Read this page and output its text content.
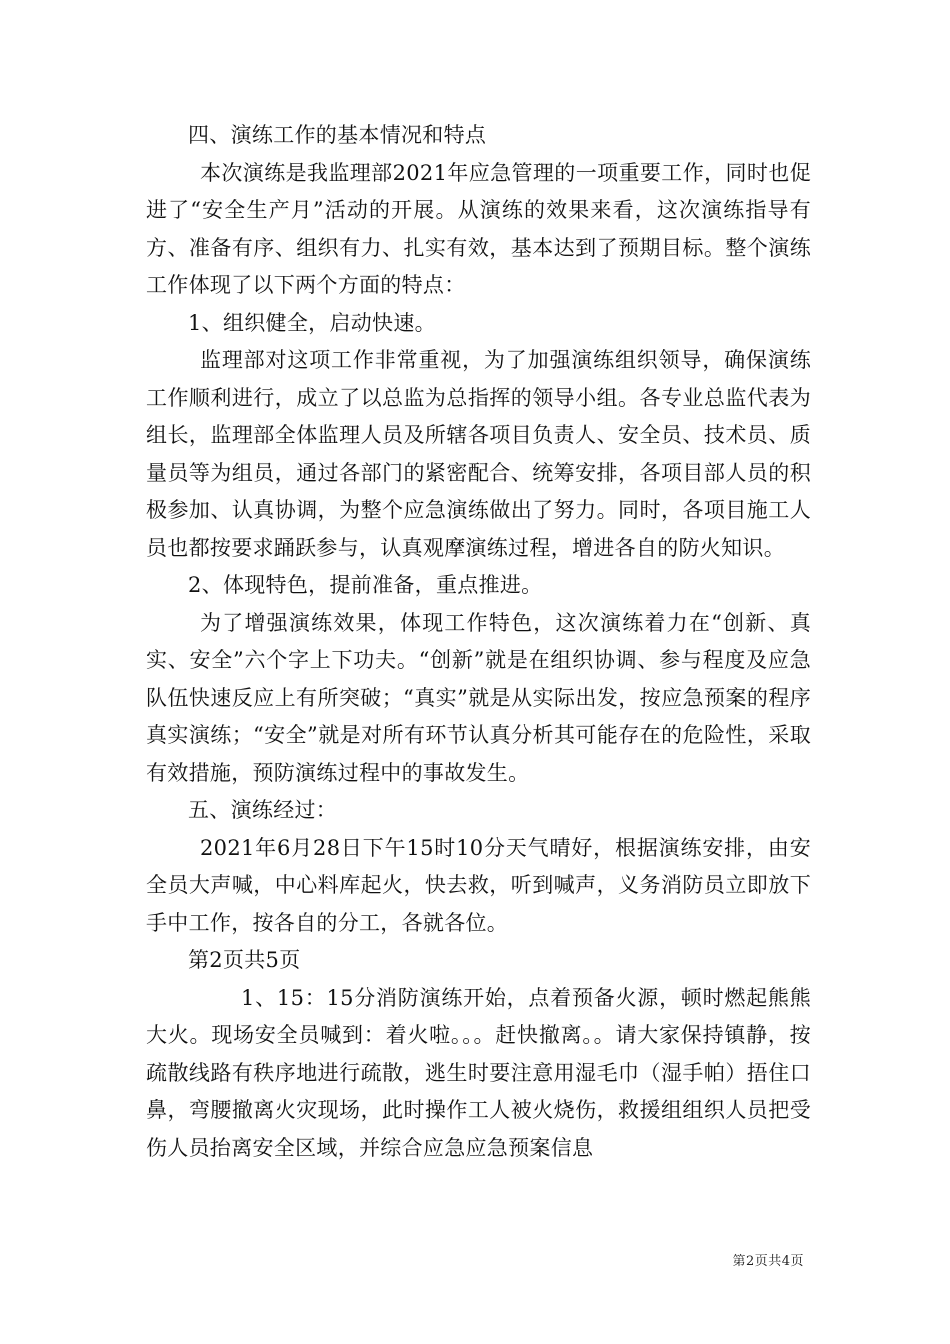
四、演练工作的基本情况和特点

本次演练是我监理部2021年应急管理的一项重要工作，同时也促进了“安全生产月”活动的开展。从演练的效果来看，这次演练指导有方、准备有序、组织有力、扎实有效，基本达到了预期目标。整个演练工作体现了以下两个方面的特点：

1、组织健全，启动快速。

监理部对这项工作非常重视，为了加强演练组织领导，确保演练工作顺利进行，成立了以总监为总指挥的领导小组。各专业总监代表为组长，监理部全体监理人员及所辖各项目负责人、安全员、技术员、质量员等为组员，通过各部门的紧密配合、统筹安排，各项目部人员的积极参加、认真协调，为整个应急演练做出了努力。同时，各项目施工人员也都按要求踊跃参与，认真观摩演练过程，增进各自的防火知识。

2、体现特色，提前准备，重点推进。

为了增强演练效果，体现工作特色，这次演练着力在“创新、真实、安全”六个字上下功夫。“创新”就是在组织协调、参与程度及应急队伍快速反应上有所突破；“真实”就是从实际出发，按应急预案的程序真实演练；“安全”就是对所有环节认真分析其可能存在的危险性，采取有效措施，预防演练过程中的事故发生。

五、演练经过：

2021年6月28日下午15时10分天气晴好，根据演练安排，由安全员大声喊，中心料库起火，快去救，听到喊声，义务消防员立即放下手中工作，按各自的分工，各就各位。

第2页共5页

1、15：15分消防演练开始，点着预备火源，顿时燃起熊熊大火。现场安全员喊到：着火啦。。。赶快撤离。。请大家保持镇静，按疏散线路有秩序地进行疏散，逃生时要注意用湿毛巾（湿手帕）捂住口鼻，弯腰撤离火灾现场，此时操作工人被火烧伤，救援组组织人员把受伤人员抬离安全区域，并综合应急应急预案信息

第2页共4页
